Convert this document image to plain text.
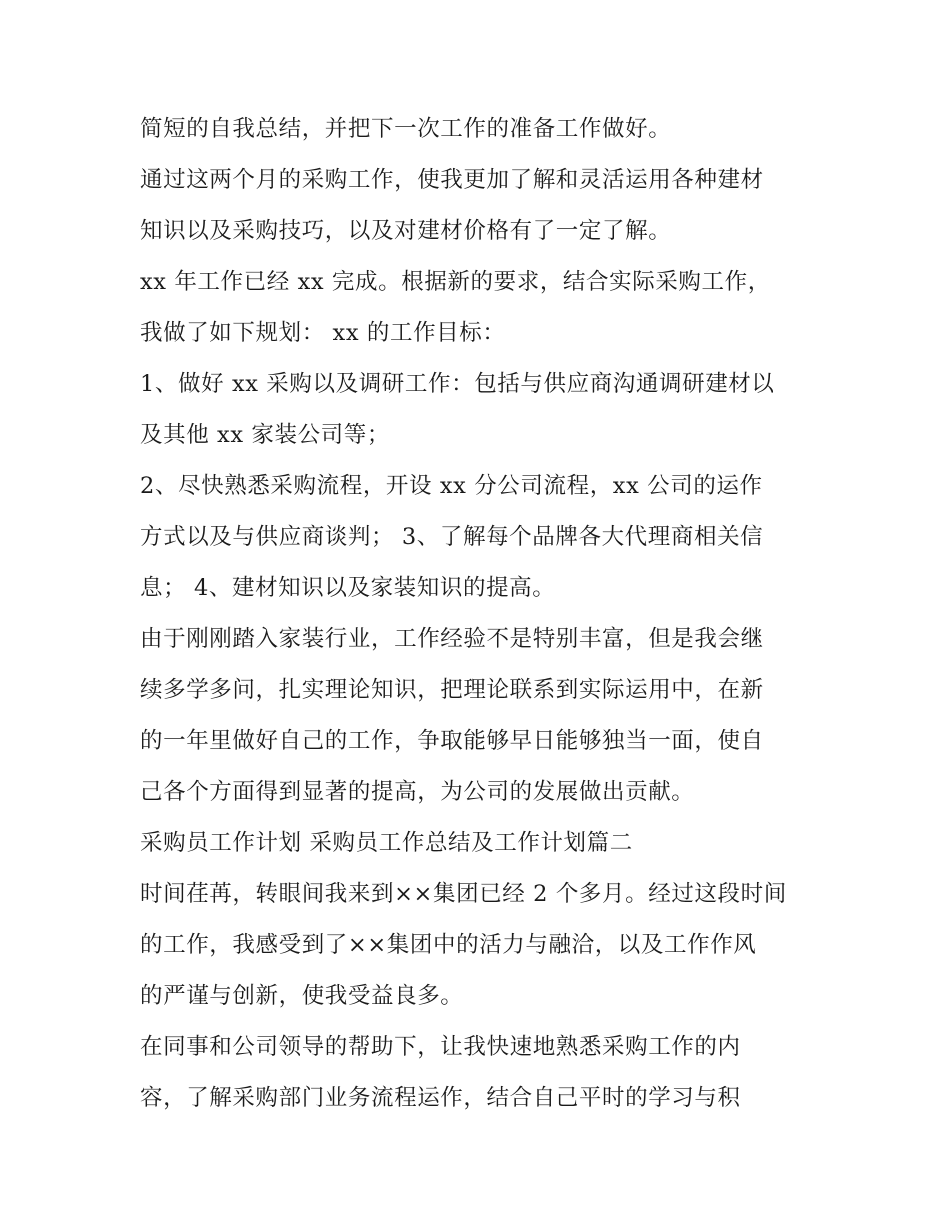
简短的自我总结，并把下一次工作的准备工作做好。
通过这两个月的采购工作，使我更加了解和灵活运用各种建材
知识以及采购技巧，以及对建材价格有了一定了解。
xx 年工作已经 xx 完成。根据新的要求，结合实际采购工作，
我做了如下规划： xx 的工作目标：
1、做好 xx 采购以及调研工作：包括与供应商沟通调研建材以
及其他 xx 家装公司等；
2、尽快熟悉采购流程，开设 xx 分公司流程，xx 公司的运作
方式以及与供应商谈判； 3、了解每个品牌各大代理商相关信
息； 4、建材知识以及家装知识的提高。
由于刚刚踏入家装行业，工作经验不是特别丰富，但是我会继
续多学多问，扎实理论知识，把理论联系到实际运用中，在新
的一年里做好自己的工作，争取能够早日能够独当一面，使自
己各个方面得到显著的提高，为公司的发展做出贡献。
采购员工作计划 采购员工作总结及工作计划篇二
时间荏苒，转眼间我来到××集团已经 2 个多月。经过这段时间
的工作，我感受到了××集团中的活力与融洽，以及工作作风
的严谨与创新，使我受益良多。
在同事和公司领导的帮助下，让我快速地熟悉采购工作的内
容，了解采购部门业务流程运作，结合自己平时的学习与积
